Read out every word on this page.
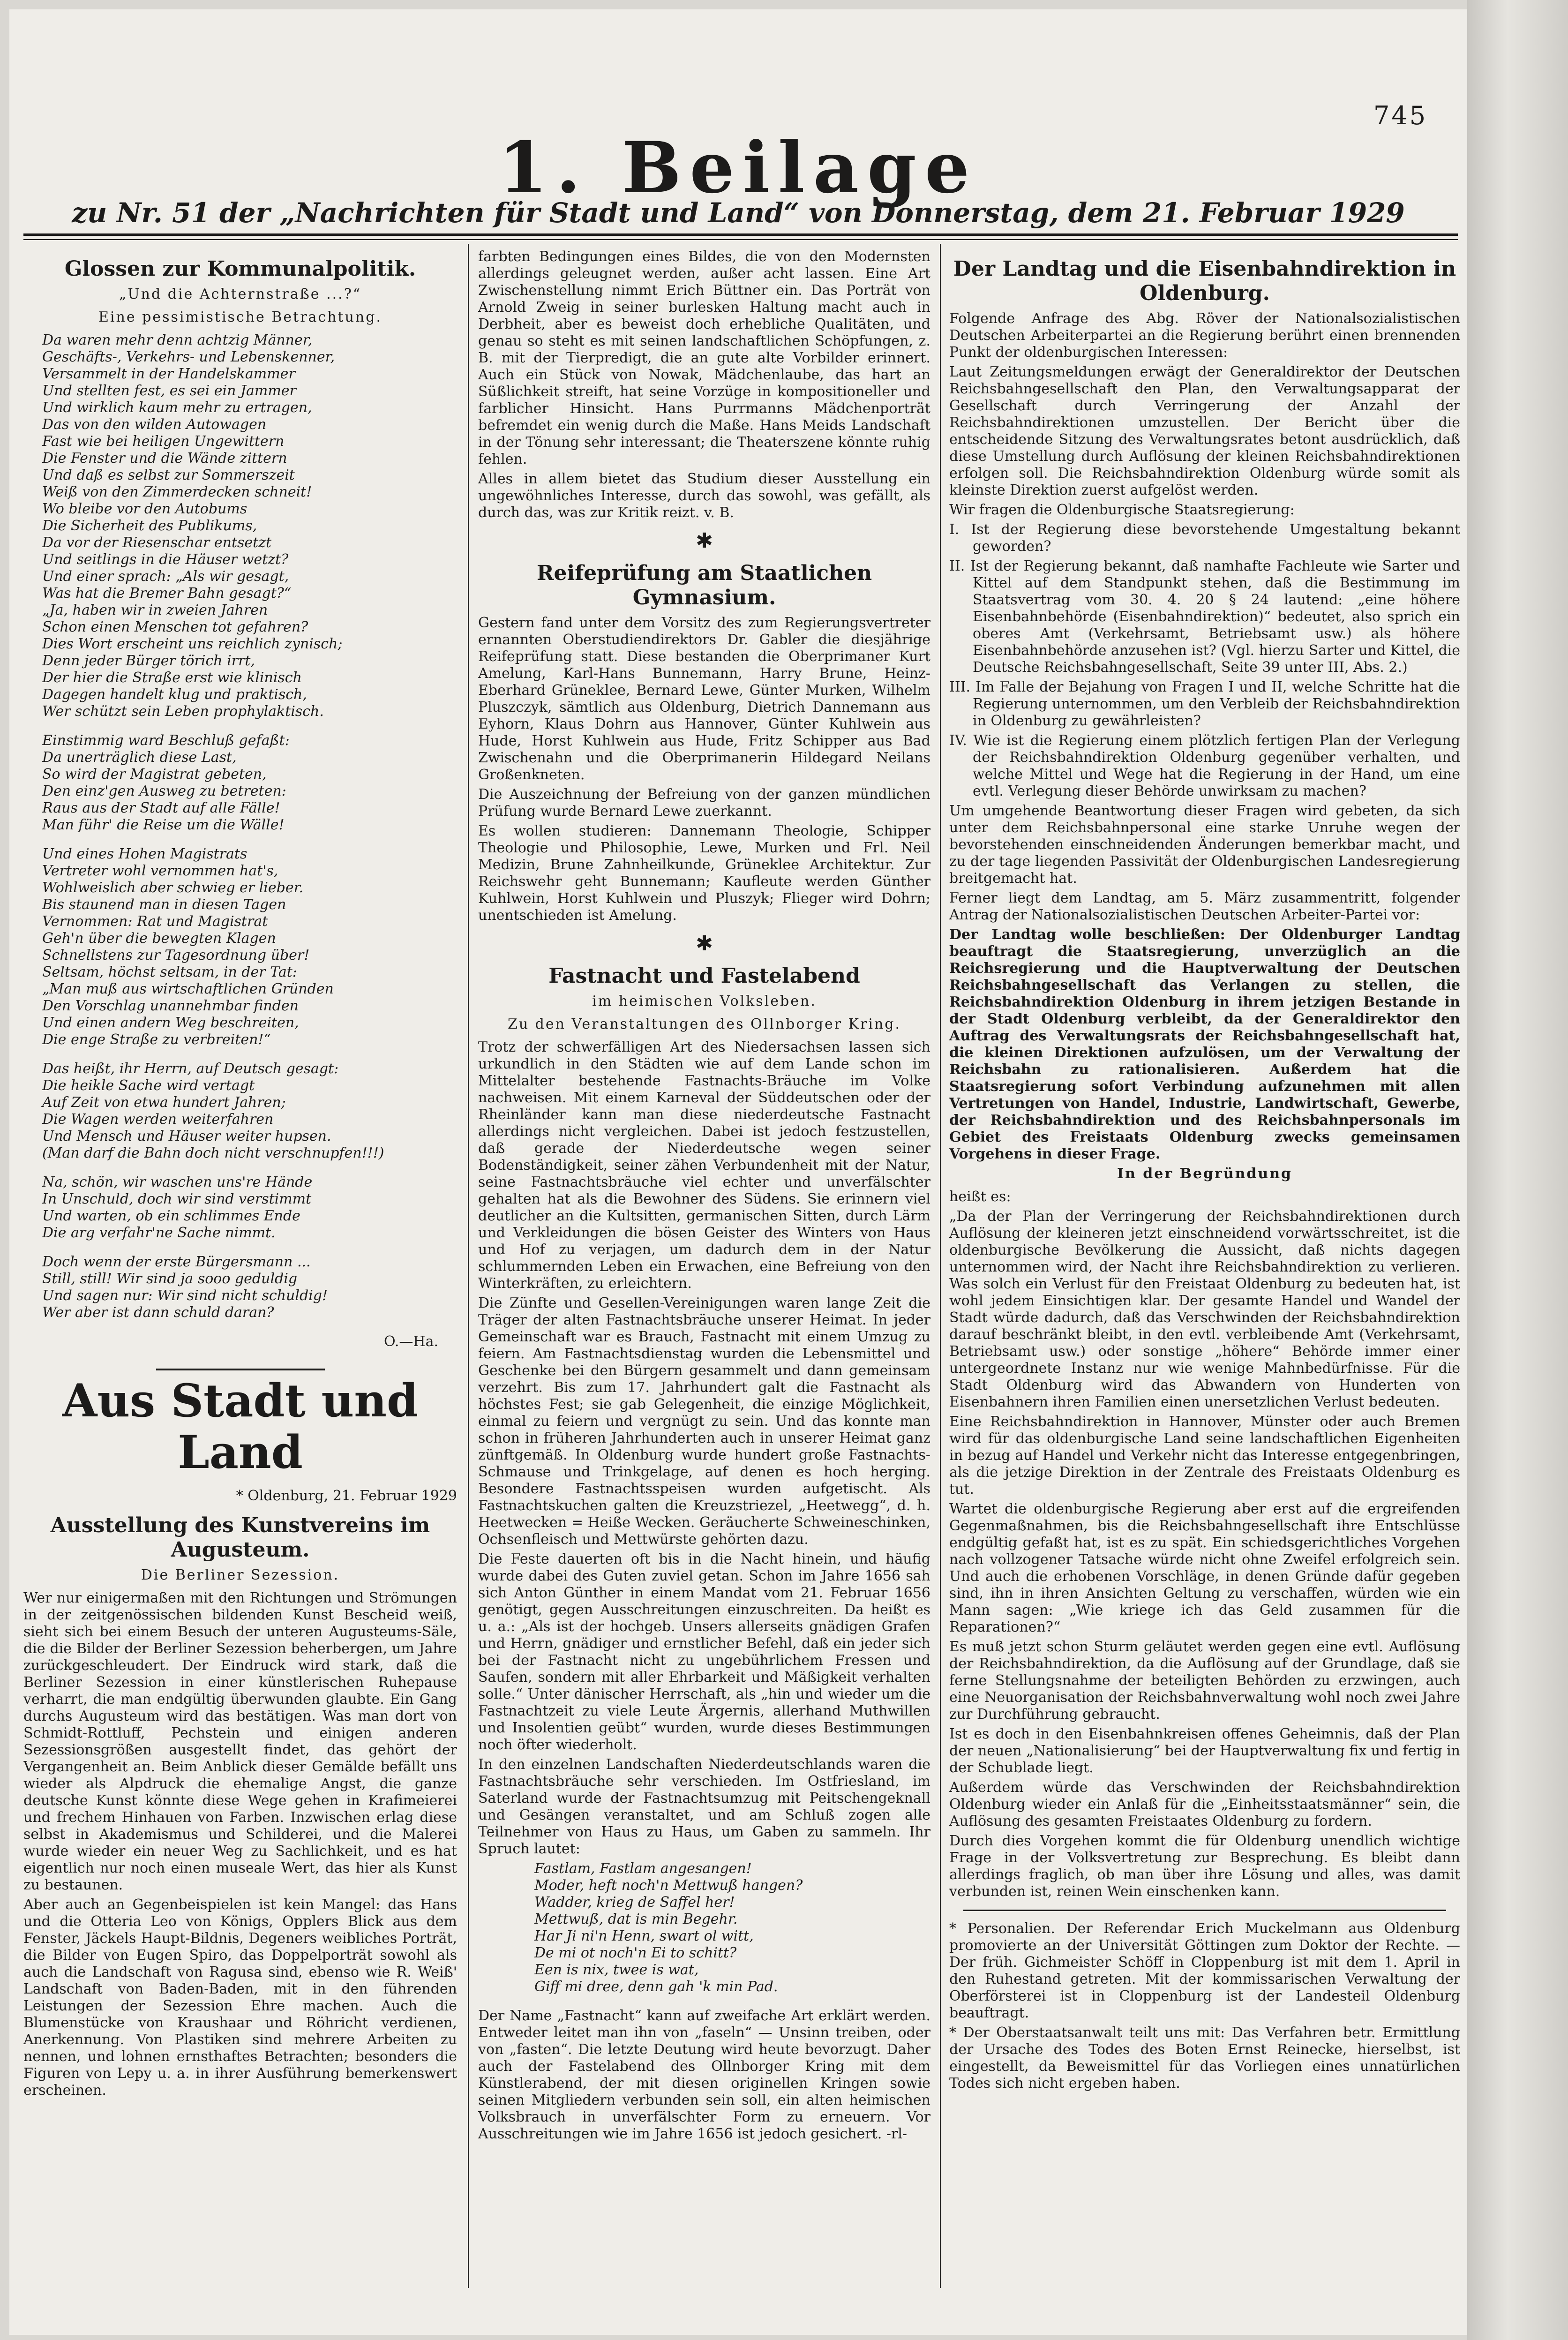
745
1. Beilage
zu Nr. 51 der „Nachrichten für Stadt und Land“ von Donnerstag, dem 21. Februar 1929
Glossen zur Kommunalpolitik.
„Und die Achternstraße ...?“
Eine pessimistische Betrachtung.
Da waren mehr denn achtzig Männer,
Geschäfts-, Verkehrs- und Lebenskenner,
Versammelt in der Handelskammer
Und stellten fest, es sei ein Jammer
Und wirklich kaum mehr zu ertragen,
Das von den wilden Autowagen
Fast wie bei heiligen Ungewittern
Die Fenster und die Wände zittern
Und daß es selbst zur Sommerszeit
Weiß von den Zimmerdecken schneit!
Wo bleibe vor den Autobums
Die Sicherheit des Publikums,
Da vor der Riesenschar entsetzt
Und seitlings in die Häuser wetzt?
Und einer sprach: „Als wir gesagt,
Was hat die Bremer Bahn gesagt?“
„Ja, haben wir in zweien Jahren
Schon einen Menschen tot gefahren?
Dies Wort erscheint uns reichlich zynisch;
Denn jeder Bürger törich irrt,
Der hier die Straße erst wie klinisch
Dagegen handelt klug und praktisch,
Wer schützt sein Leben prophylaktisch.
Einstimmig ward Beschluß gefaßt:
Da unerträglich diese Last,
So wird der Magistrat gebeten,
Den einz'gen Ausweg zu betreten:
Raus aus der Stadt auf alle Fälle!
Man führ' die Reise um die Wälle!
Und eines Hohen Magistrats
Vertreter wohl vernommen hat's,
Wohlweislich aber schwieg er lieber.
Bis staunend man in diesen Tagen
Vernommen: Rat und Magistrat
Geh'n über die bewegten Klagen
Schnellstens zur Tagesordnung über!
Seltsam, höchst seltsam, in der Tat:
„Man muß aus wirtschaftlichen Gründen
Den Vorschlag unannehmbar finden
Und einen andern Weg beschreiten,
Die enge Straße zu verbreiten!“
Das heißt, ihr Herrn, auf Deutsch gesagt:
Die heikle Sache wird vertagt
Auf Zeit von etwa hundert Jahren;
Die Wagen werden weiterfahren
Und Mensch und Häuser weiter hupsen.
(Man darf die Bahn doch nicht verschnupfen!!!)
Na, schön, wir waschen uns're Hände
In Unschuld, doch wir sind verstimmt
Und warten, ob ein schlimmes Ende
Die arg verfahr'ne Sache nimmt.
Doch wenn der erste Bürgersmann ...
Still, still! Wir sind ja sooo geduldig
Und sagen nur: Wir sind nicht schuldig!
Wer aber ist dann schuld daran?
O.—Ha.
Aus Stadt und Land
* Oldenburg, 21. Februar 1929
Ausstellung des Kunstvereins im Augusteum.
Die Berliner Sezession.

Wer nur einigermaßen mit den Richtungen und Strömungen in der zeitgenössischen bildenden Kunst Bescheid weiß, sieht sich bei einem Besuch der unteren Augusteums-Säle, die die Bilder der Berliner Sezession beherbergen, um Jahre zurückgeschleudert. Der Eindruck wird stark, daß die Berliner Sezession in einer künstlerischen Ruhepause verharrt, die man endgültig überwunden glaubte. Ein Gang durchs Augusteum wird das bestätigen. Was man dort von Schmidt-Rottluff, Pechstein und einigen anderen Sezessionsgrößen ausgestellt findet, das gehört der Vergangenheit an. Beim Anblick dieser Gemälde befällt uns wieder als Alpdruck die ehemalige Angst, die ganze deutsche Kunst könnte diese Wege gehen in Krafimeierei und frechem Hinhauen von Farben. Inzwischen erlag diese selbst in Akademismus und Schilderei, und die Malerei wurde wieder ein neuer Weg zu Sachlichkeit, und es hat eigentlich nur noch einen museale Wert, das hier als Kunst zu bestaunen.

Aber auch an Gegenbeispielen ist kein Mangel: das Hans und die Otteria Leo von Königs, Opplers Blick aus dem Fenster, Jäckels Haupt-Bildnis, Degeners weibliches Porträt, die Bilder von Eugen Spiro, das Doppelporträt sowohl als auch die Landschaft von Ragusa sind, ebenso wie R. Weiß' Landschaft von Baden-Baden, mit in den führenden Leistungen der Sezession Ehre machen. Auch die Blumenstücke von Kraushaar und Röhricht verdienen, Anerkennung. Von Plastiken sind mehrere Arbeiten zu nennen, und lohnen ernsthaftes Betrachten; besonders die Figuren von Lepy u. a. in ihrer Ausführung bemerkenswert erscheinen.

farbten Bedingungen eines Bildes, die von den Modernsten allerdings geleugnet werden, außer acht lassen. Eine Art Zwischenstellung nimmt Erich Büttner ein. Das Porträt von Arnold Zweig in seiner burlesken Haltung macht auch in Derbheit, aber es beweist doch erhebliche Qualitäten, und genau so steht es mit seinen landschaftlichen Schöpfungen, z. B. mit der Tierpredigt, die an gute alte Vorbilder erinnert. Auch ein Stück von Nowak, Mädchenlaube, das hart an Süßlichkeit streift, hat seine Vorzüge in kompositioneller und farblicher Hinsicht. Hans Purrmanns Mädchenporträt befremdet ein wenig durch die Maße. Hans Meids Landschaft in der Tönung sehr interessant; die Theaterszene könnte ruhig fehlen.

Alles in allem bietet das Studium dieser Ausstellung ein ungewöhnliches Interesse, durch das sowohl, was gefällt, als durch das, was zur Kritik reizt. v. B.

✱
Reifeprüfung am Staatlichen Gymnasium.

Gestern fand unter dem Vorsitz des zum Regierungsvertreter ernannten Oberstudiendirektors Dr. Gabler die diesjährige Reifeprüfung statt. Diese bestanden die Oberprimaner Kurt Amelung, Karl-Hans Bunnemann, Harry Brune, Heinz-Eberhard Grüneklee, Bernard Lewe, Günter Murken, Wilhelm Pluszczyk, sämtlich aus Oldenburg, Dietrich Dannemann aus Eyhorn, Klaus Dohrn aus Hannover, Günter Kuhlwein aus Hude, Horst Kuhlwein aus Hude, Fritz Schipper aus Bad Zwischenahn und die Oberprimanerin Hildegard Neilans Großenkneten.

Die Auszeichnung der Befreiung von der ganzen mündlichen Prüfung wurde Bernard Lewe zuerkannt.

Es wollen studieren: Dannemann Theologie, Schipper Theologie und Philosophie, Lewe, Murken und Frl. Neil Medizin, Brune Zahnheilkunde, Grüneklee Architektur. Zur Reichswehr geht Bunnemann; Kaufleute werden Günther Kuhlwein, Horst Kuhlwein und Pluszyk; Flieger wird Dohrn; unentschieden ist Amelung.

✱
Fastnacht und Fastelabend
im heimischen Volksleben.
Zu den Veranstaltungen des Ollnborger Kring.

Trotz der schwerfälligen Art des Niedersachsen lassen sich urkundlich in den Städten wie auf dem Lande schon im Mittelalter bestehende Fastnachts-Bräuche im Volke nachweisen. Mit einem Karneval der Süddeutschen oder der Rheinländer kann man diese niederdeutsche Fastnacht allerdings nicht vergleichen. Dabei ist jedoch festzustellen, daß gerade der Niederdeutsche wegen seiner Bodenständigkeit, seiner zähen Verbundenheit mit der Natur, seine Fastnachtsbräuche viel echter und unverfälschter gehalten hat als die Bewohner des Südens. Sie erinnern viel deutlicher an die Kultsitten, germanischen Sitten, durch Lärm und Verkleidungen die bösen Geister des Winters von Haus und Hof zu verjagen, um dadurch dem in der Natur schlummernden Leben ein Erwachen, eine Befreiung von den Winterkräften, zu erleichtern.

Die Zünfte und Gesellen-Vereinigungen waren lange Zeit die Träger der alten Fastnachtsbräuche unserer Heimat. In jeder Gemeinschaft war es Brauch, Fastnacht mit einem Umzug zu feiern. Am Fastnachtsdienstag wurden die Lebensmittel und Geschenke bei den Bürgern gesammelt und dann gemeinsam verzehrt. Bis zum 17. Jahrhundert galt die Fastnacht als höchstes Fest; sie gab Gelegenheit, die einzige Möglichkeit, einmal zu feiern und vergnügt zu sein. Und das konnte man schon in früheren Jahrhunderten auch in unserer Heimat ganz zünftgemäß. In Oldenburg wurde hundert große Fastnachts-Schmause und Trinkgelage, auf denen es hoch herging. Besondere Fastnachtsspeisen wurden aufgetischt. Als Fastnachtskuchen galten die Kreuzstriezel, „Heetwegg“, d. h. Heetwecken = Heiße Wecken. Geräucherte Schweineschinken, Ochsenfleisch und Mettwürste gehörten dazu.

Die Feste dauerten oft bis in die Nacht hinein, und häufig wurde dabei des Guten zuviel getan. Schon im Jahre 1656 sah sich Anton Günther in einem Mandat vom 21. Februar 1656 genötigt, gegen Ausschreitungen einzuschreiten. Da heißt es u. a.: „Als ist der hochgeb. Unsers allerseits gnädigen Grafen und Herrn, gnädiger und ernstlicher Befehl, daß ein jeder sich bei der Fastnacht nicht zu ungebührlichem Fressen und Saufen, sondern mit aller Ehrbarkeit und Mäßigkeit verhalten solle.“ Unter dänischer Herrschaft, als „hin und wieder um die Fastnachtzeit zu viele Leute Ärgernis, allerhand Muthwillen und Insolentien geübt“ wurden, wurde dieses Bestimmungen noch öfter wiederholt.

In den einzelnen Landschaften Niederdeutschlands waren die Fastnachtsbräuche sehr verschieden. Im Ostfriesland, im Saterland wurde der Fastnachtsumzug mit Peitschengeknall und Gesängen veranstaltet, und am Schluß zogen alle Teilnehmer von Haus zu Haus, um Gaben zu sammeln. Ihr Spruch lautet:

Fastlam, Fastlam angesangen!
Moder, heft noch'n Mettwuß hangen?
Wadder, krieg de Saffel her!
Mettwuß, dat is min Begehr.
Har Ji ni'n Henn, swart ol witt,
De mi ot noch'n Ei to schitt?
Een is nix, twee is wat,
Giff mi dree, denn gah 'k min Pad.

Der Name „Fastnacht“ kann auf zweifache Art erklärt werden. Entweder leitet man ihn von „faseln“ — Unsinn treiben, oder von „fasten“. Die letzte Deutung wird heute bevorzugt. Daher auch der Fastelabend des Ollnborger Kring mit dem Künstlerabend, der mit diesen originellen Kringen sowie seinen Mitgliedern verbunden sein soll, ein alten heimischen Volksbrauch in unverfälschter Form zu erneuern. Vor Ausschreitungen wie im Jahre 1656 ist jedoch gesichert. -rl-

Der Landtag und die Eisenbahndirektion in Oldenburg.

Folgende Anfrage des Abg. Röver der Nationalsozialistischen Deutschen Arbeiterpartei an die Regierung berührt einen brennenden Punkt der oldenburgischen Interessen:

Laut Zeitungsmeldungen erwägt der Generaldirektor der Deutschen Reichsbahngesellschaft den Plan, den Verwaltungsapparat der Gesellschaft durch Verringerung der Anzahl der Reichsbahndirektionen umzustellen. Der Bericht über die entscheidende Sitzung des Verwaltungsrates betont ausdrücklich, daß diese Umstellung durch Auflösung der kleinen Reichsbahndirektionen erfolgen soll. Die Reichsbahndirektion Oldenburg würde somit als kleinste Direktion zuerst aufgelöst werden.

Wir fragen die Oldenburgische Staatsregierung:

I. Ist der Regierung diese bevorstehende Umgestaltung bekannt geworden?

II. Ist der Regierung bekannt, daß namhafte Fachleute wie Sarter und Kittel auf dem Standpunkt stehen, daß die Bestimmung im Staatsvertrag vom 30. 4. 20 § 24 lautend: „eine höhere Eisenbahnbehörde (Eisenbahndirektion)“ bedeutet, also sprich ein oberes Amt (Verkehrsamt, Betriebsamt usw.) als höhere Eisenbahnbehörde anzusehen ist? (Vgl. hierzu Sarter und Kittel, die Deutsche Reichsbahngesellschaft, Seite 39 unter III, Abs. 2.)

III. Im Falle der Bejahung von Fragen I und II, welche Schritte hat die Regierung unternommen, um den Verbleib der Reichsbahndirektion in Oldenburg zu gewährleisten?

IV. Wie ist die Regierung einem plötzlich fertigen Plan der Verlegung der Reichsbahndirektion Oldenburg gegenüber verhalten, und welche Mittel und Wege hat die Regierung in der Hand, um eine evtl. Verlegung dieser Behörde unwirksam zu machen?

Um umgehende Beantwortung dieser Fragen wird gebeten, da sich unter dem Reichsbahnpersonal eine starke Unruhe wegen der bevorstehenden einschneidenden Änderungen bemerkbar macht, und zu der tage liegenden Passivität der Oldenburgischen Landesregierung breitgemacht hat.

Ferner liegt dem Landtag, am 5. März zusammentritt, folgender Antrag der Nationalsozialistischen Deutschen Arbeiter-Partei vor:

Der Landtag wolle beschließen: Der Oldenburger Landtag beauftragt die Staatsregierung, unverzüglich an die Reichsregierung und die Hauptverwaltung der Deutschen Reichsbahngesellschaft das Verlangen zu stellen, die Reichsbahndirektion Oldenburg in ihrem jetzigen Bestande in der Stadt Oldenburg verbleibt, da der Generaldirektor den Auftrag des Verwaltungsrats der Reichsbahngesellschaft hat, die kleinen Direktionen aufzulösen, um der Verwaltung der Reichsbahn zu rationalisieren. Außerdem hat die Staatsregierung sofort Verbindung aufzunehmen mit allen Vertretungen von Handel, Industrie, Landwirtschaft, Gewerbe, der Reichsbahndirektion und des Reichsbahnpersonals im Gebiet des Freistaats Oldenburg zwecks gemeinsamen Vorgehens in dieser Frage.

In der Begründung

heißt es:

„Da der Plan der Verringerung der Reichsbahndirektionen durch Auflösung der kleineren jetzt einschneidend vorwärtsschreitet, ist die oldenburgische Bevölkerung die Aussicht, daß nichts dagegen unternommen wird, der Nacht ihre Reichsbahndirektion zu verlieren. Was solch ein Verlust für den Freistaat Oldenburg zu bedeuten hat, ist wohl jedem Einsichtigen klar. Der gesamte Handel und Wandel der Stadt würde dadurch, daß das Verschwinden der Reichsbahndirektion darauf beschränkt bleibt, in den evtl. verbleibende Amt (Verkehrsamt, Betriebsamt usw.) oder sonstige „höhere“ Behörde immer einer untergeordnete Instanz nur wie wenige Mahnbedürfnisse. Für die Stadt Oldenburg wird das Abwandern von Hunderten von Eisenbahnern ihren Familien einen unersetzlichen Verlust bedeuten.

Eine Reichsbahndirektion in Hannover, Münster oder auch Bremen wird für das oldenburgische Land seine landschaftlichen Eigenheiten in bezug auf Handel und Verkehr nicht das Interesse entgegenbringen, als die jetzige Direktion in der Zentrale des Freistaats Oldenburg es tut.

Wartet die oldenburgische Regierung aber erst auf die ergreifenden Gegenmaßnahmen, bis die Reichsbahngesellschaft ihre Entschlüsse endgültig gefaßt hat, ist es zu spät. Ein schiedsgerichtliches Vorgehen nach vollzogener Tatsache würde nicht ohne Zweifel erfolgreich sein. Und auch die erhobenen Vorschläge, in denen Gründe dafür gegeben sind, ihn in ihren Ansichten Geltung zu verschaffen, würden wie ein Mann sagen: „Wie kriege ich das Geld zusammen für die Reparationen?“

Es muß jetzt schon Sturm geläutet werden gegen eine evtl. Auflösung der Reichsbahndirektion, da die Auflösung auf der Grundlage, daß sie ferne Stellungsnahme der beteiligten Behörden zu erzwingen, auch eine Neuorganisation der Reichsbahnverwaltung wohl noch zwei Jahre zur Durchführung gebraucht.

Ist es doch in den Eisenbahnkreisen offenes Geheimnis, daß der Plan der neuen „Nationalisierung“ bei der Hauptverwaltung fix und fertig in der Schublade liegt.

Außerdem würde das Verschwinden der Reichsbahndirektion Oldenburg wieder ein Anlaß für die „Einheitsstaatsmänner“ sein, die Auflösung des gesamten Freistaates Oldenburg zu fordern.

Durch dies Vorgehen kommt die für Oldenburg unendlich wichtige Frage in der Volksvertretung zur Besprechung. Es bleibt dann allerdings fraglich, ob man über ihre Lösung und alles, was damit verbunden ist, reinen Wein einschenken kann.

* Personalien. Der Referendar Erich Muckelmann aus Oldenburg promovierte an der Universität Göttingen zum Doktor der Rechte. — Der früh. Gichmeister Schöff in Cloppenburg ist mit dem 1. April in den Ruhestand getreten. Mit der kommissarischen Verwaltung der Oberförsterei ist in Cloppenburg ist der Landesteil Oldenburg beauftragt.

* Der Oberstaatsanwalt teilt uns mit: Das Verfahren betr. Ermittlung der Ursache des Todes des Boten Ernst Reinecke, hierselbst, ist eingestellt, da Beweismittel für das Vorliegen eines unnatürlichen Todes sich nicht ergeben haben.
